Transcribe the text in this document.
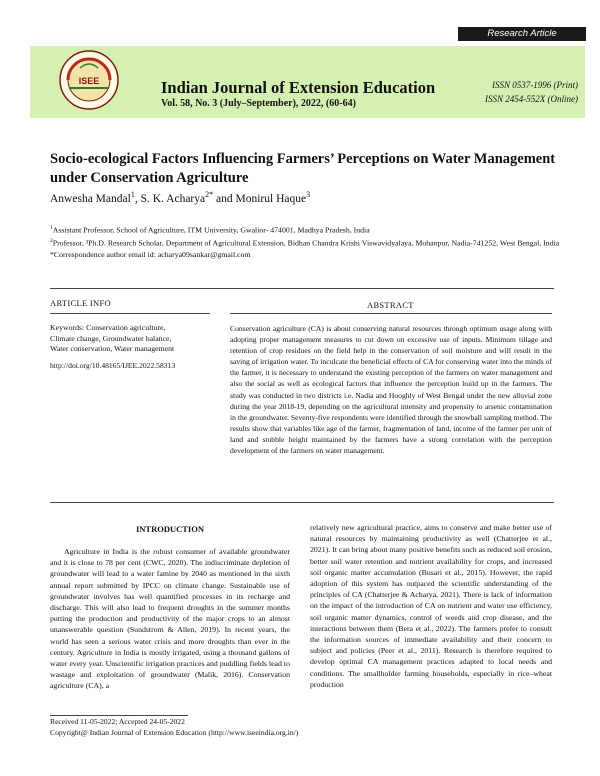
Research Article
ISEE	Indian Journal of Extension Education
Vol. 58, No. 3 (July–September), 2022, (60-64)
ISSN 0537-1996 (Print)
ISSN 2454-552X (Online)
Socio-ecological Factors Influencing Farmers’ Perceptions on Water Management
under Conservation Agriculture
Anwesha Mandal$^1$, S. K. Acharya$^{2*}$ and Monirul Haque$^3$

$^1$Assistant Professor, School of Agriculture, ITM University, Gwalior- 474001, Madhya Pradesh, India

$^2$Professor, ³Ph.D. Research Scholar, Department of Agricultural Extension, Bidhan Chandra Krishi Viswavidyalaya, Mohanpur, Nadia-741252, West Bengal, India

*Correspondence author email id: acharya09sankar@gmail.com

ARTICLE INFO	ABSTRACT
Keywords: Conservation agriculture,
Climate change, Groundwater balance,
Water conservation, Water management
http://doi.org/10.48165/IJEE.2022.58313
Conservation agriculture (CA) is about conserving natural resources through optimum usage along with adopting proper management measures to cut down on excessive use of inputs. Minimum tillage and retention of crop residues on the field help in the conservation of soil moisture and will result in the saving of irrigation water. To inculcate the beneficial effects of CA for conserving water into the minds of the farmer, it is necessary to understand the existing perception of the farmers on water management and also the social as well as ecological factors that influence the perception build up in the farmers. The study was conducted in two districts i.e. Nadia and Hooghly of West Bengal under the new alluvial zone during the year 2018-19, depending on the agricultural intensity and propensity to arsenic contamination in the groundwater. Seventy-five respondents were identified through the snowball sampling method. The results show that variables like age of the farmer, fragmentation of land, income of the farmer per unit of land and stubble height maintained by the farmers have a strong correlation with the perception development of the farmers on water management.
INTRODUCTION

Agriculture in India is the robust consumer of available groundwater and it is close to 78 per cent (CWC, 2020). The indiscriminate depletion of groundwater will lead to a water famine by 2040 as mentioned in the sixth annual report submitted by IPCC on climate change. Sustainable use of groundwater involves has well quantified processes in its recharge and discharge. This will also lead to frequent droughts in the summer months putting the production and productivity of the major crops to an almost unanswerable question (Sundstrom & Allen, 2019). In recent years, the world has seen a serious water crisis and more droughts than ever in the century. Agriculture in India is mostly irrigated, using a thousand gallons of water every year. Unscientific irrigation practices and puddling fields lead to wastage and exploitation of groundwater (Malik, 2016). Conservation agriculture (CA), a

relatively new agricultural practice, aims to conserve and make better use of natural resources by maintaining productivity as well (Chatterjee et al., 2021). It can bring about many positive benefits such as reduced soil erosion, better soil water retention and nutrient availability for crops, and increased soil organic matter accumulation (Busari et al., 2015). However, the rapid adoption of this system has outpaced the scientific understanding of the principles of CA (Chatterjee & Acharya, 2021). There is lack of information on the impact of the introduction of CA on nutrient and water use efficiency, soil organic matter dynamics, control of weeds and crop disease, and the interactions between them (Bera et al., 2022). The farmers prefer to consult the information sources of immediate availability and their concern to subject and policies (Peer et al., 2011). Research is therefore required to develop optimal CA management practices adapted to local needs and conditions. The smallholder farming households, especially in rice–wheat production

Received 11-05-2022; Accepted 24-05-2022
Copyright@ Indian Journal of Extension Education (http://www.iseeindia.org.in/)
